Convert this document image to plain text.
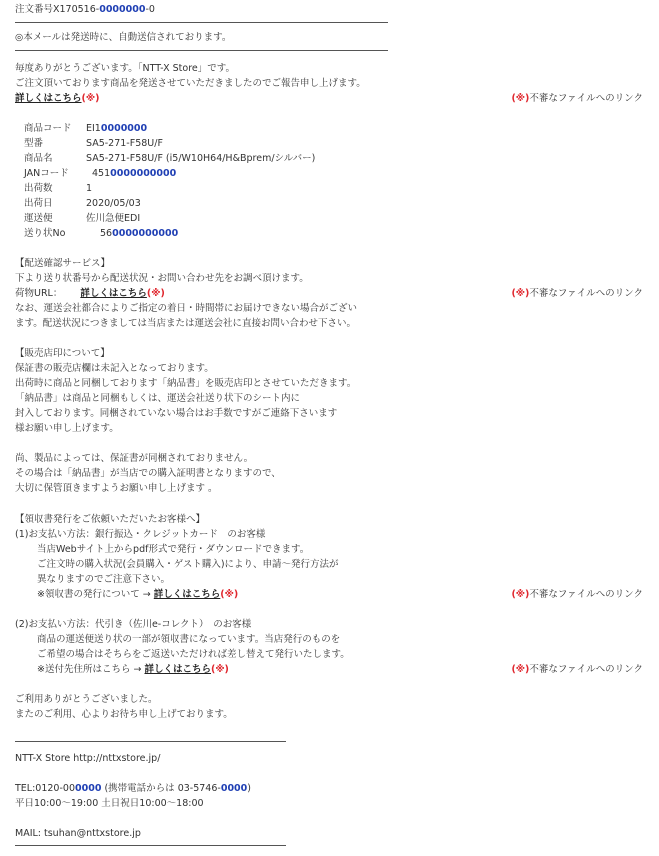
注文番号X170516-0000000-0
◎本メールは発送時に、自動送信されております。
毎度ありがとうございます。「NTT-X Store」です。
ご注文頂いております商品を発送させていただきましたのでご報告申し上げます。
詳しくはこちら(※)	(※)不審なファイルへのリンク
商品コード EI10000000
型番	SA5-271-F58U/F
商品名	SA5-271-F58U/F (i5/W10H64/H&Bprem/シルバー)
JANコード 4510000000000
出荷数	1
出荷日	2020/05/03
運送便	佐川急便EDI
送り状No	560000000000
【配送確認サービス】
下より送り状番号から配送状況・お問い合わせ先をお調べ頂けます。
荷物URL： 詳しくはこちら(※)	(※)不審なファイルへのリンク
なお、運送会社都合によりご指定の着日・時間帯にお届けできない場合がござい
ます。配送状況につきましては当店または運送会社に直接お問い合わせ下さい。
【販売店印について】
保証書の販売店欄は未記入となっております。
出荷時に商品と同梱しております「納品書」を販売店印とさせていただきます。
「納品書」は商品と同梱もしくは、運送会社送り状下のシート内に
封入しております。同梱されていない場合はお手数ですがご連絡下さいます
様お願い申し上げます。
尚、製品によっては、保証書が同梱されておりません。
その場合は「納品書」が当店での購入証明書となりますので、
大切に保管頂きますようお願い申し上げます 。
【領収書発行をご依頼いただいたお客様へ】
(1)お支払い方法：銀行振込・クレジットカード　のお客様
当店Webサイト上からpdf形式で発行・ダウンロードできます。
ご注文時の購入状況(会員購入・ゲスト購入)により、申請～発行方法が
異なりますのでご注意下さい。
※領収書の発行について → 詳しくはこちら(※)	(※)不審なファイルへのリンク
(2)お支払い方法：代引き（佐川e-コレクト）　のお客様
商品の運送便送り状の一部が領収書になっています。当店発行のものを
ご希望の場合はそちらをご返送いただければ差し替えて発行いたします。
※送付先住所はこちら → 詳しくはこちら(※)	(※)不審なファイルへのリンク
ご利用ありがとうございました。
またのご利用、心よりお待ち申し上げております。
NTT-X Store http://nttxstore.jp/
TEL:0120-000000 (携帯電話からは 03-5746-0000)
平日10:00～19:00 土日祝日10:00～18:00
MAIL: tsuhan@nttxstore.jp
